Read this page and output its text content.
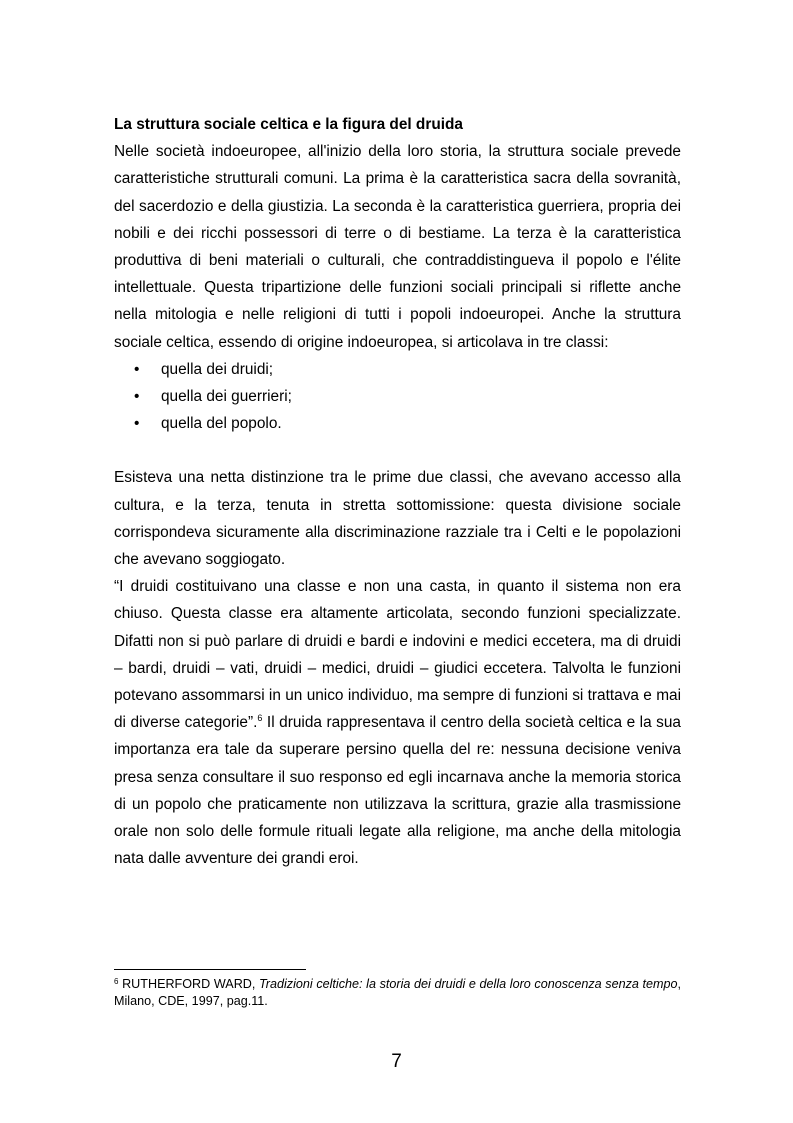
La struttura sociale celtica e la figura del druida

Nelle società indoeuropee, all'inizio della loro storia, la struttura sociale prevede caratteristiche strutturali comuni. La prima è la caratteristica sacra della sovranità, del sacerdozio e della giustizia. La seconda è la caratteristica guerriera, propria dei nobili e dei ricchi possessori di terre o di bestiame. La terza è la caratteristica produttiva di beni materiali o culturali, che contraddistingueva il popolo e l'élite intellettuale. Questa tripartizione delle funzioni sociali principali si riflette anche nella mitologia e nelle religioni di tutti i popoli indoeuropei. Anche la struttura sociale celtica, essendo di origine indoeuropea, si articolava in tre classi:

• quella dei druidi;
• quella dei guerrieri;
• quella del popolo.

Esisteva una netta distinzione tra le prime due classi, che avevano accesso alla cultura, e la terza, tenuta in stretta sottomissione: questa divisione sociale corrispondeva sicuramente alla discriminazione razziale tra i Celti e le popolazioni che avevano soggiogato.

“I druidi costituivano una classe e non una casta, in quanto il sistema non era chiuso. Questa classe era altamente articolata, secondo funzioni specializzate. Difatti non si può parlare di druidi e bardi e indovini e medici eccetera, ma di druidi – bardi, druidi – vati, druidi – medici, druidi – giudici eccetera. Talvolta le funzioni potevano assommarsi in un unico individuo, ma sempre di funzioni si trattava e mai di diverse categorie”.$^6$ Il druida rappresentava il centro della società celtica e la sua importanza era tale da superare persino quella del re: nessuna decisione veniva presa senza consultare il suo responso ed egli incarnava anche la memoria storica di un popolo che praticamente non utilizzava la scrittura, grazie alla trasmissione orale non solo delle formule rituali legate alla religione, ma anche della mitologia nata dalle avventure dei grandi eroi.

$^6$ RUTHERFORD WARD, Tradizioni celtiche: la storia dei druidi e della loro conoscenza senza tempo, Milano, CDE, 1997, pag.11.
7
